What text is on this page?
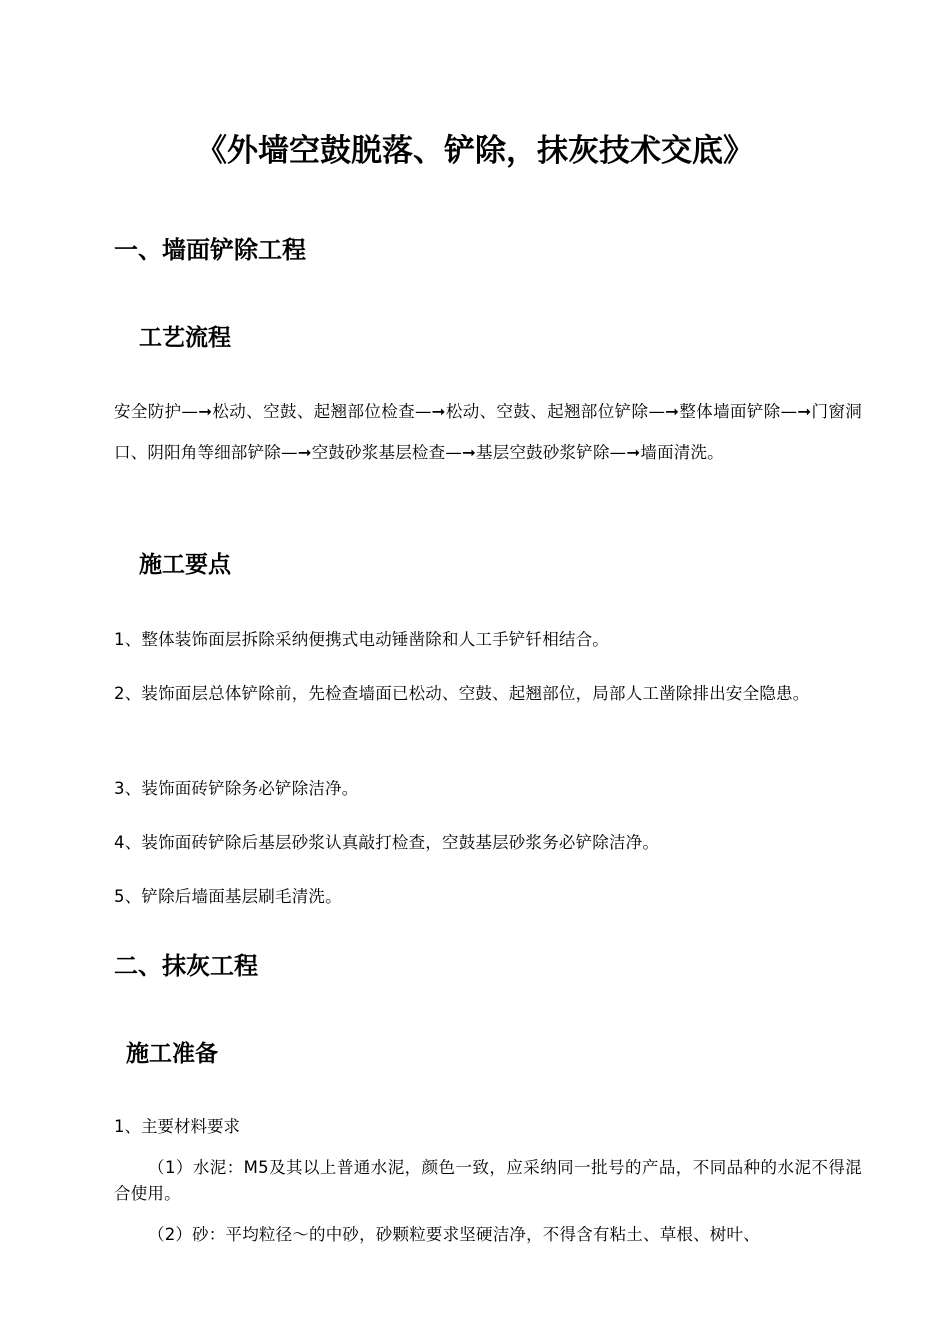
《外墙空鼓脱落、铲除，抹灰技术交底》
一、墙面铲除工程
工艺流程
安全防护—➞松动、空鼓、起翘部位检查—➞松动、空鼓、起翘部位铲除—➞整体墙面铲除—➞门窗洞口、阴阳角等细部铲除—➞空鼓砂浆基层检查—➞基层空鼓砂浆铲除—➞墙面清洗。
施工要点
1、整体装饰面层拆除采纳便携式电动锤凿除和人工手铲钎相结合。
2、装饰面层总体铲除前，先检查墙面已松动、空鼓、起翘部位，局部人工凿除排出安全隐患。
3、装饰面砖铲除务必铲除洁净。
4、装饰面砖铲除后基层砂浆认真敲打检查，空鼓基层砂浆务必铲除洁净。
5、铲除后墙面基层刷毛清洗。
二、抹灰工程
施工准备
1、主要材料要求
（1）水泥：M5及其以上普通水泥，颜色一致，应采纳同一批号的产品，不同品种的水泥不得混合使用。
（2）砂：平均粒径～的中砂，砂颗粒要求坚硬洁净，不得含有粘土、草根、树叶、
